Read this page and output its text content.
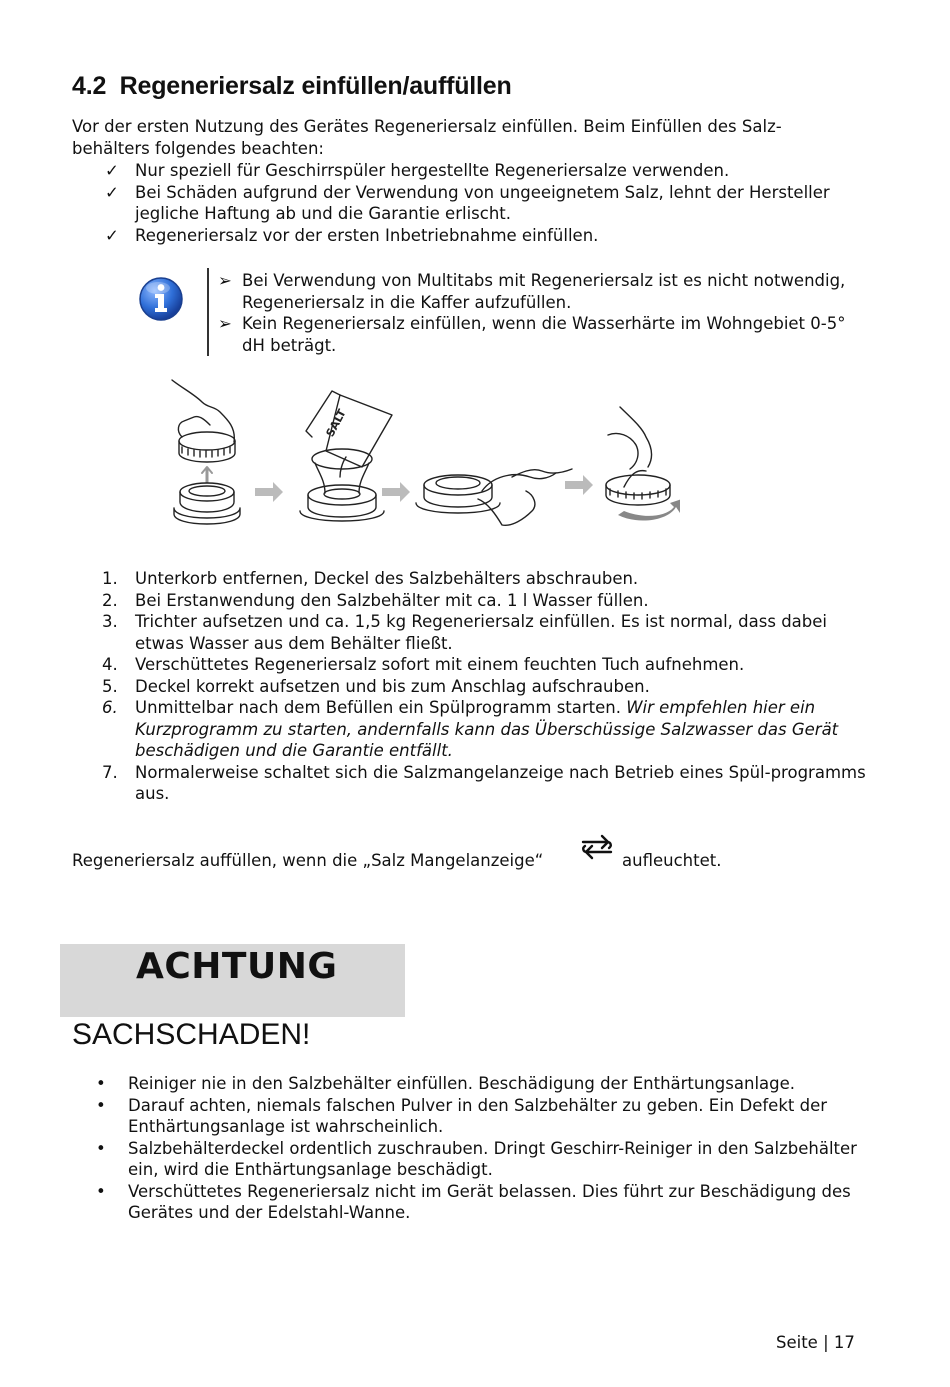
4.2 Regeneriersalz einfüllen/auffüllen

Vor der ersten Nutzung des Gerätes Regeneriersalz einfüllen. Beim Einfüllen des Salz-
behälters folgendes beachten:

✓ Nur speziell für Geschirrspüler hergestellte Regeneriersalze verwenden.
✓ Bei Schäden aufgrund der Verwendung von ungeeignetem Salz, lehnt der Hersteller jegliche Haftung ab und die Garantie erlischt.
✓ Regeneriersalz vor der ersten Inbetriebnahme einfüllen.
➢ Bei Verwendung von Multitabs mit Regeneriersalz ist es nicht notwendig, Regeneriersalz in die Kaffer aufzufüllen.
➢ Kein Regeneriersalz einfüllen, wenn die Wasserhärte im Wohngebiet 0-5° dH beträgt.
SALT
1. Unterkorb entfernen, Deckel des Salzbehälters abschrauben.
2. Bei Erstanwendung den Salzbehälter mit ca. 1 l Wasser füllen.
3. Trichter aufsetzen und ca. 1,5 kg Regeneriersalz einfüllen. Es ist normal, dass dabei etwas Wasser aus dem Behälter fließt.
4. Verschüttetes Regeneriersalz sofort mit einem feuchten Tuch aufnehmen.
5. Deckel korrekt aufsetzen und bis zum Anschlag aufschrauben.
6. Unmittelbar nach dem Befüllen ein Spülprogramm starten. Wir empfehlen hier ein Kurzprogramm zu starten, andernfalls kann das Überschüssige Salzwasser das Gerät beschädigen und die Garantie entfällt.
7. Normalerweise schaltet sich die Salzmangelanzeige nach Betrieb eines Spül-programms aus.
Regeneriersalz auffüllen, wenn die „Salz Mangelanzeige“	aufleuchtet.
ACHTUNG
SACHSCHADEN!
• Reiniger nie in den Salzbehälter einfüllen. Beschädigung der Enthärtungsanlage.
• Darauf achten, niemals falschen Pulver in den Salzbehälter zu geben. Ein Defekt der Enthärtungsanlage ist wahrscheinlich.
• Salzbehälterdeckel ordentlich zuschrauben. Dringt Geschirr-Reiniger in den Salzbehälter ein, wird die Enthärtungsanlage beschädigt.
• Verschüttetes Regeneriersalz nicht im Gerät belassen. Dies führt zur Beschädigung des Gerätes und der Edelstahl-Wanne.
Seite | 17
